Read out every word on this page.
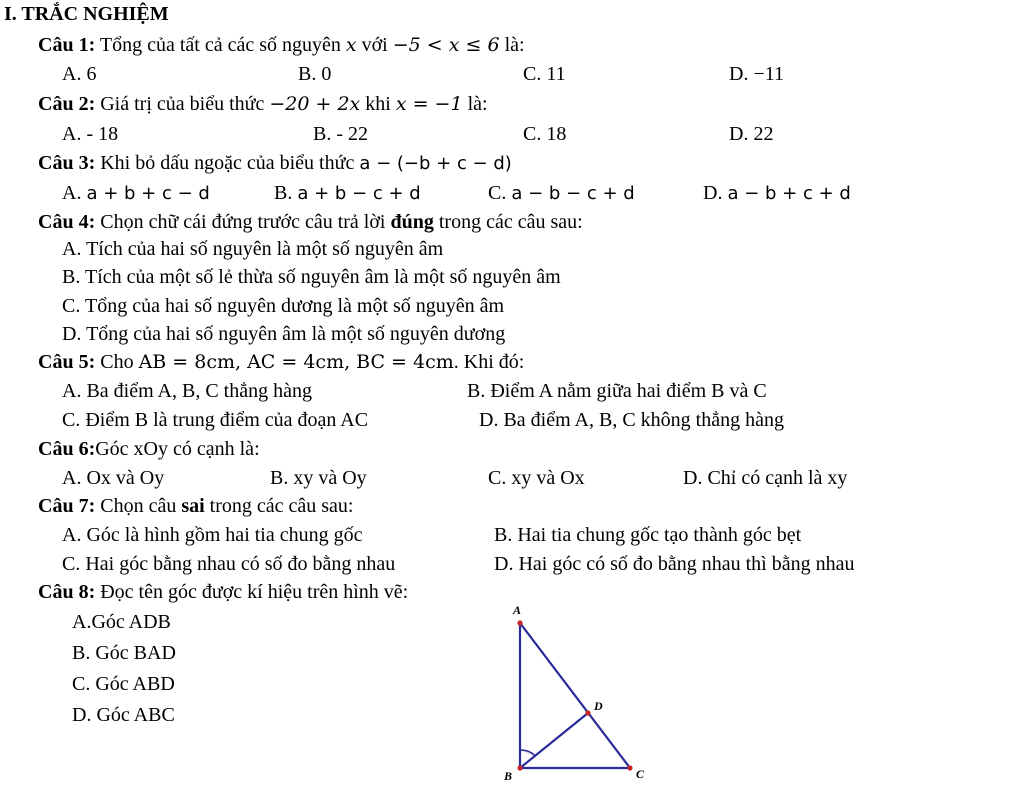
I. TRẮC NGHIỆM
Câu 1: Tổng của tất cả các số nguyên x với −5 < x ≤ 6 là:
A. 6	B. 0	C. 11	D. −11
Câu 2: Giá trị của biểu thức −20 + 2x khi x = −1 là:
A. - 18	B. - 22	C. 18	D. 22
Câu 3: Khi bỏ dấu ngoặc của biểu thức a − (−b + c − d)
A. a + b + c − d	B. a + b − c + d	C. a − b − c + d	D. a − b + c + d
Câu 4: Chọn chữ cái đứng trước câu trả lời đúng trong các câu sau:
A. Tích của hai số nguyên là một số nguyên âm
B. Tích của một số lẻ thừa số nguyên âm là một số nguyên âm
C. Tổng của hai số nguyên dương là một số nguyên âm
D. Tổng của hai số nguyên âm là một số nguyên dương
Câu 5: Cho AB = 8cm, AC = 4cm, BC = 4cm. Khi đó:
A. Ba điểm A, B, C thẳng hàng	B. Điểm A nằm giữa hai điểm B và C
C. Điểm B là trung điểm của đoạn AC	D. Ba điểm A, B, C không thẳng hàng
Câu 6:Góc xOy có cạnh là:
A. Ox và Oy	B. xy và Oy	C. xy và Ox	D. Chỉ có cạnh là xy
Câu 7: Chọn câu sai trong các câu sau:
A. Góc là hình gồm hai tia chung gốc	B. Hai tia chung gốc tạo thành góc bẹt
C. Hai góc bằng nhau có số đo bằng nhau	D. Hai góc có số đo bằng nhau thì bằng nhau
Câu 8: Đọc tên góc được kí hiệu trên hình vẽ:
A.Góc ADB
B. Góc BAD
C. Góc ABD
D. Góc ABC
A
B	C
D
